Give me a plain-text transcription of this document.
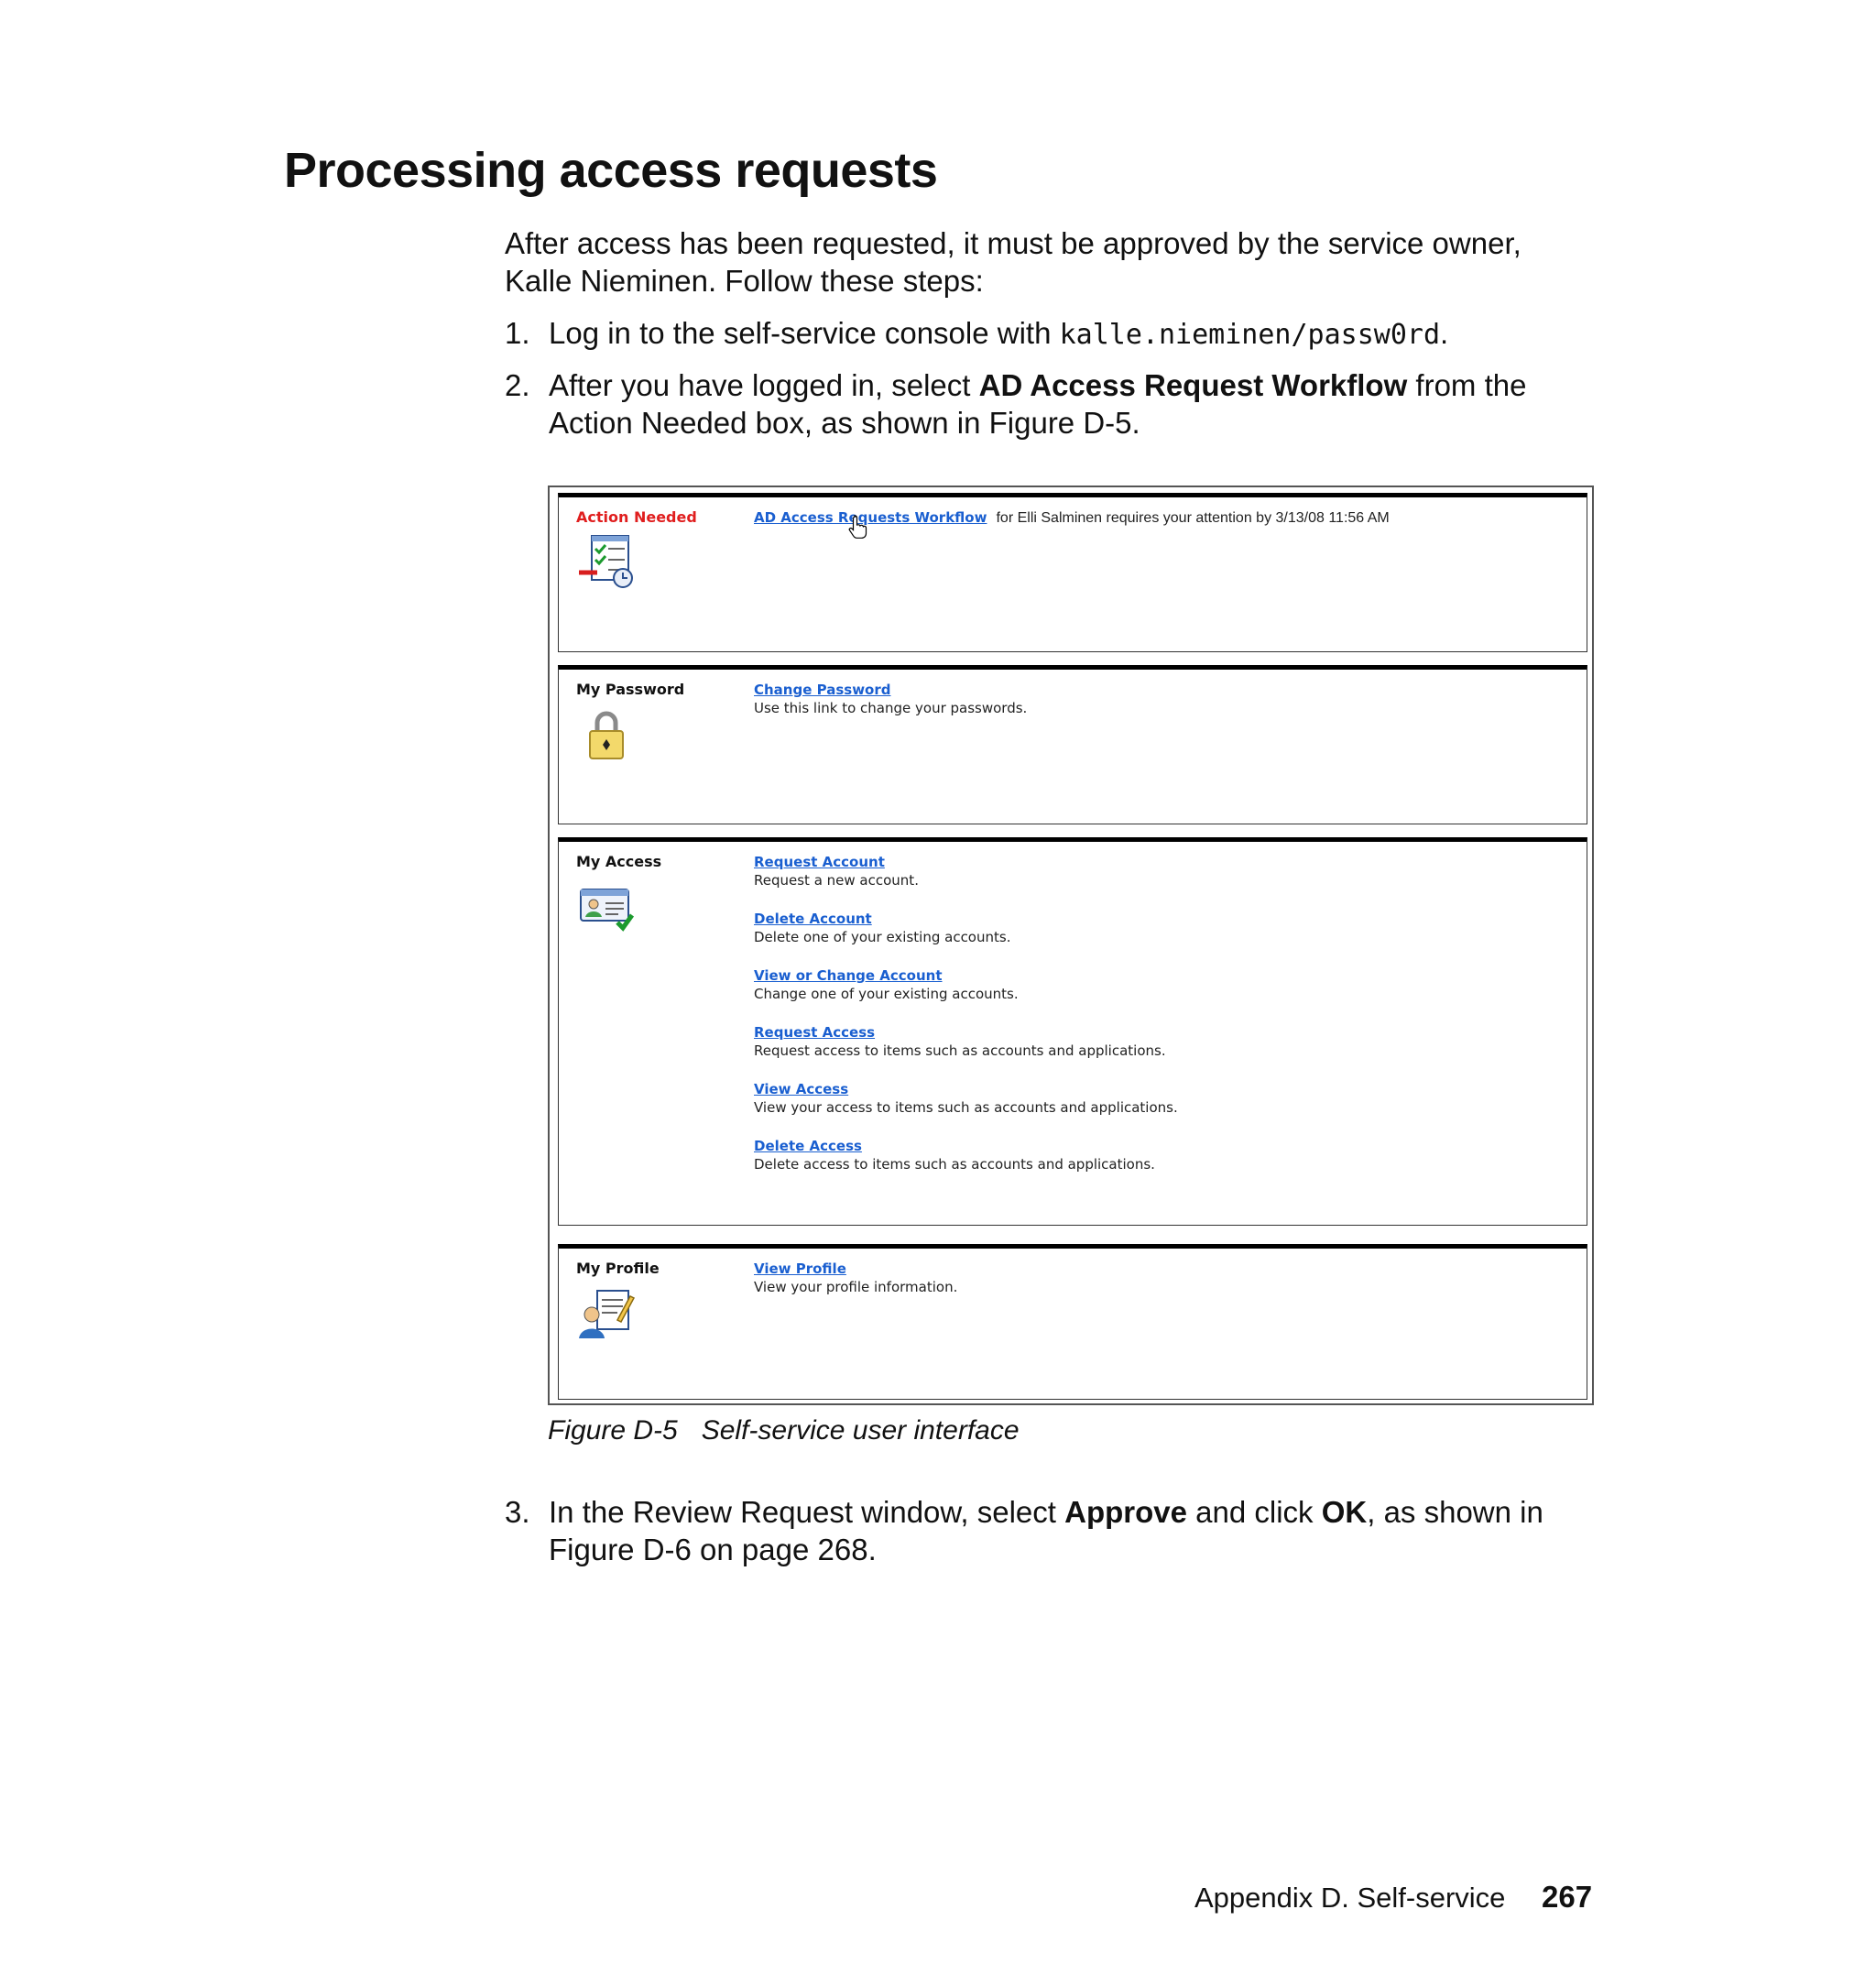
Processing access requests

After access has been requested, it must be approved by the service owner, Kalle Nieminen. Follow these steps:

1. Log in to the self-service console with kalle.nieminen/passw0rd.
2. After you have logged in, select AD Access Request Workflow from the Action Needed box, as shown in Figure D-5.
Action Needed	AD Access Requests Workflow for Elli Salminen requires your attention by 3/13/08 11:56 AM
My Password	Change Password
Use this link to change your passwords.
My Access	Request Account
Request a new account.
Delete Account
Delete one of your existing accounts.
View or Change Account
Change one of your existing accounts.
Request Access
Request access to items such as accounts and applications.
View Access
View your access to items such as accounts and applications.
Delete Access
Delete access to items such as accounts and applications.
My Profile	View Profile
View your profile information.
Figure D-5 Self-service user interface
3. In the Review Request window, select Approve and click OK, as shown in Figure D-6 on page 268.
Appendix D. Self-service 267
